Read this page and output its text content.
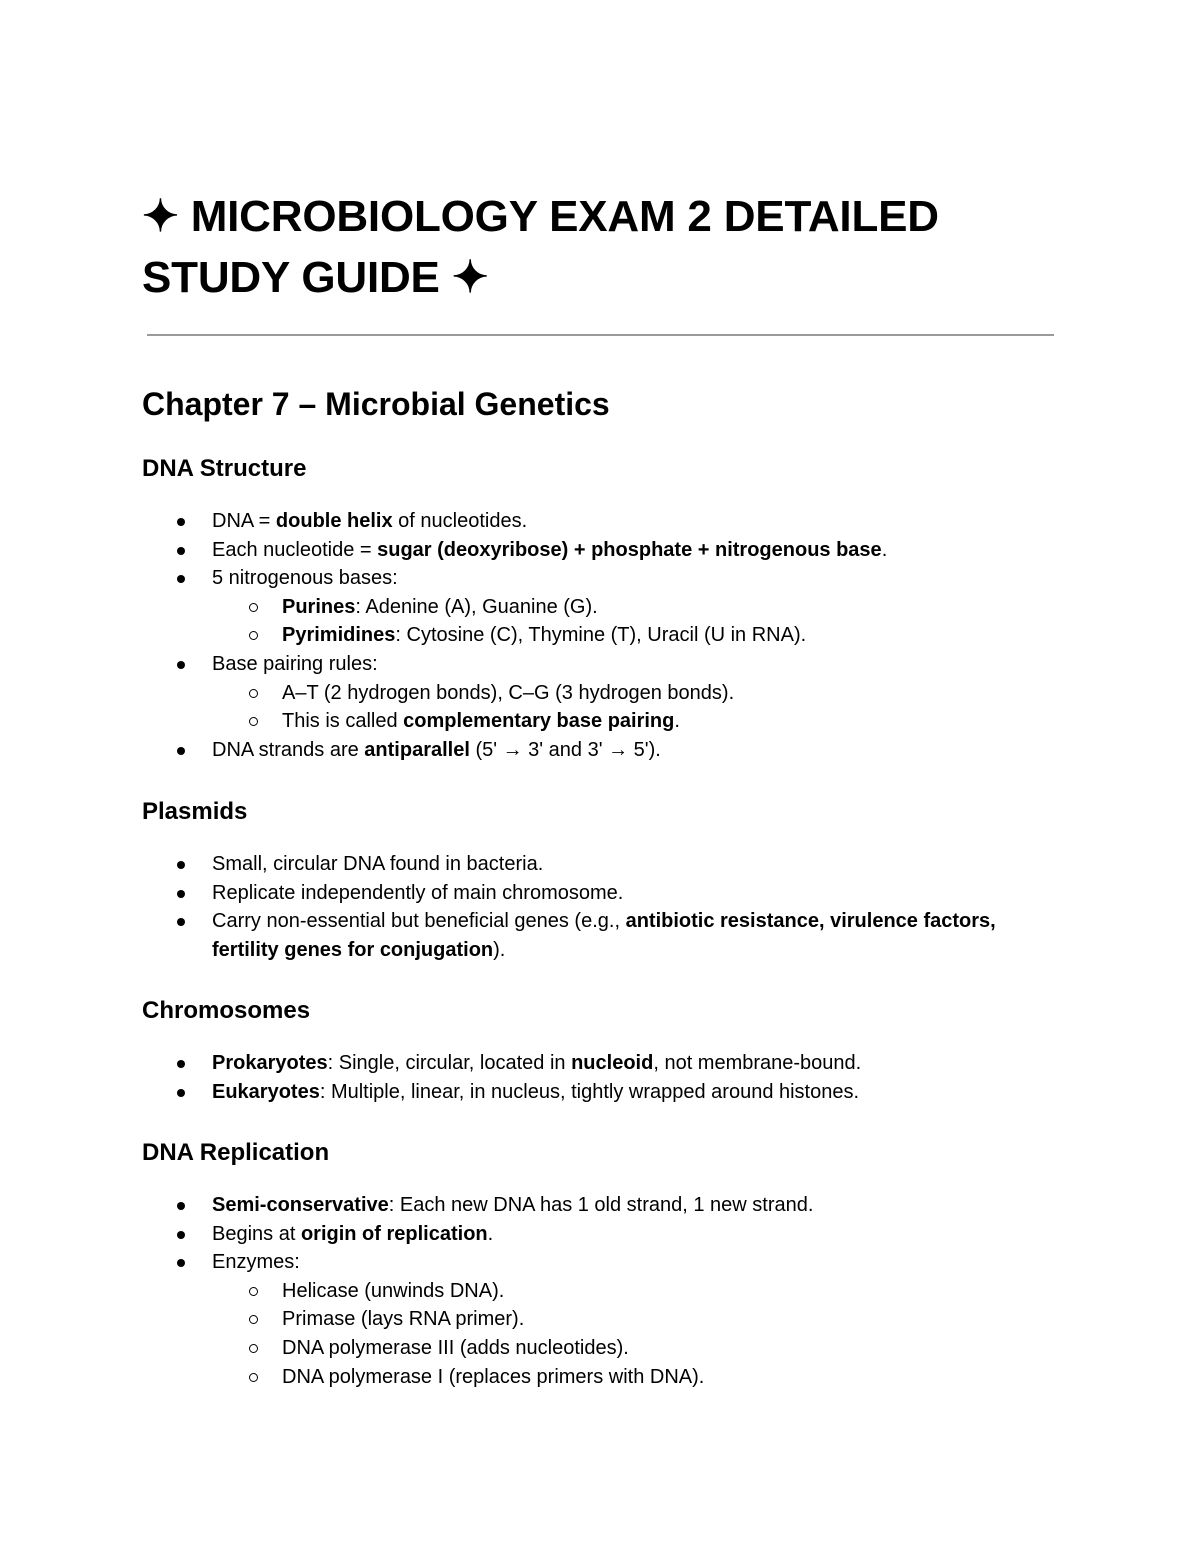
✦ MICROBIOLOGY EXAM 2 DETAILED STUDY GUIDE ✦
Chapter 7 – Microbial Genetics
DNA Structure
DNA = double helix of nucleotides.
Each nucleotide = sugar (deoxyribose) + phosphate + nitrogenous base.
5 nitrogenous bases:
Purines: Adenine (A), Guanine (G).
Pyrimidines: Cytosine (C), Thymine (T), Uracil (U in RNA).
Base pairing rules:
A–T (2 hydrogen bonds), C–G (3 hydrogen bonds).
This is called complementary base pairing.
DNA strands are antiparallel (5' → 3' and 3' → 5').
Plasmids
Small, circular DNA found in bacteria.
Replicate independently of main chromosome.
Carry non-essential but beneficial genes (e.g., antibiotic resistance, virulence factors, fertility genes for conjugation).
Chromosomes
Prokaryotes: Single, circular, located in nucleoid, not membrane-bound.
Eukaryotes: Multiple, linear, in nucleus, tightly wrapped around histones.
DNA Replication
Semi-conservative: Each new DNA has 1 old strand, 1 new strand.
Begins at origin of replication.
Enzymes:
Helicase (unwinds DNA).
Primase (lays RNA primer).
DNA polymerase III (adds nucleotides).
DNA polymerase I (replaces primers with DNA).
